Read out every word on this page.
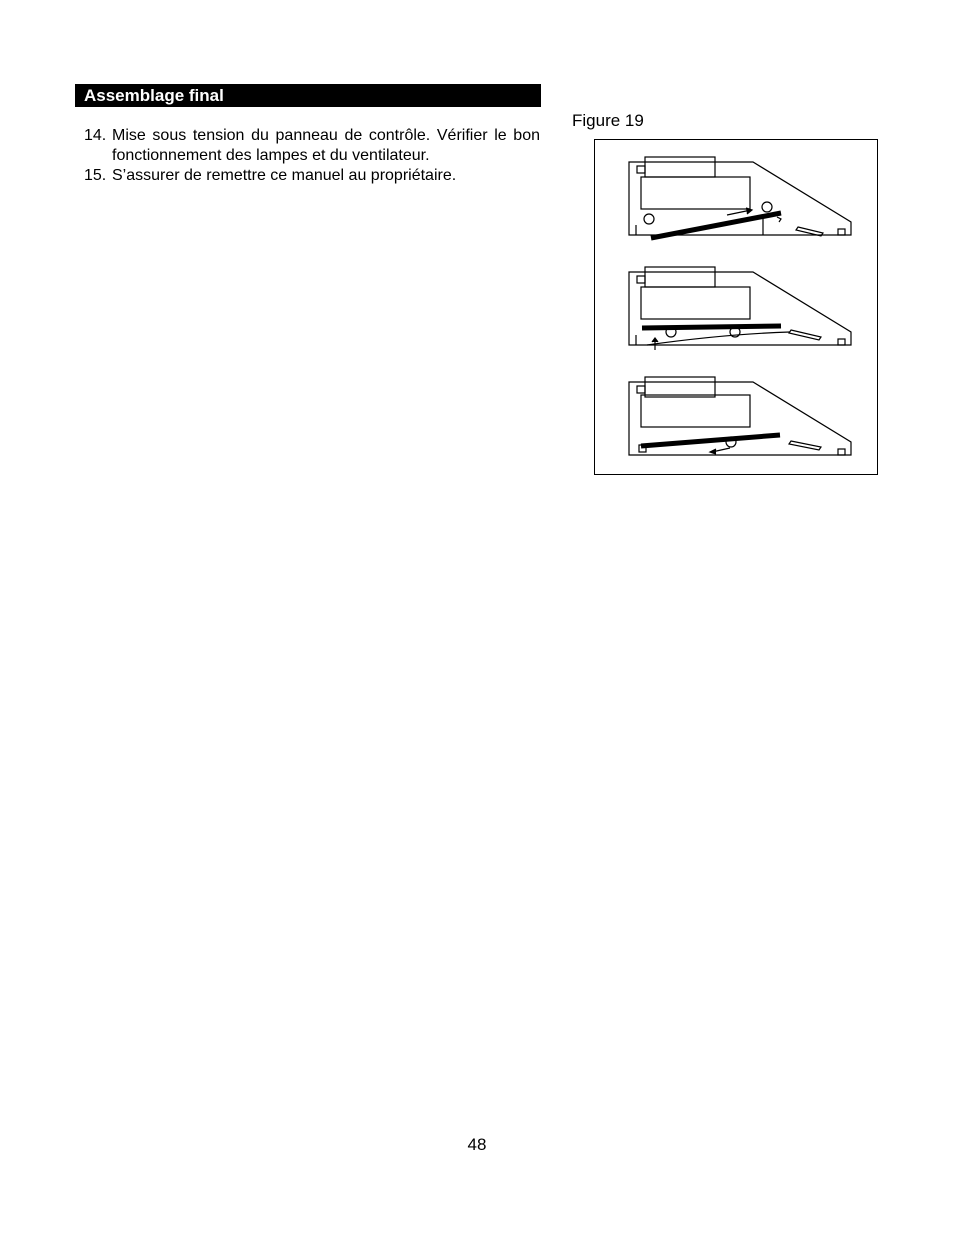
Assemblage final
14. Mise sous tension du panneau de contrôle. Vérifier le bon fonctionnement des lampes et du ventilateur.
15. S’assurer de remettre ce manuel au propriétaire.
Figure 19
48
